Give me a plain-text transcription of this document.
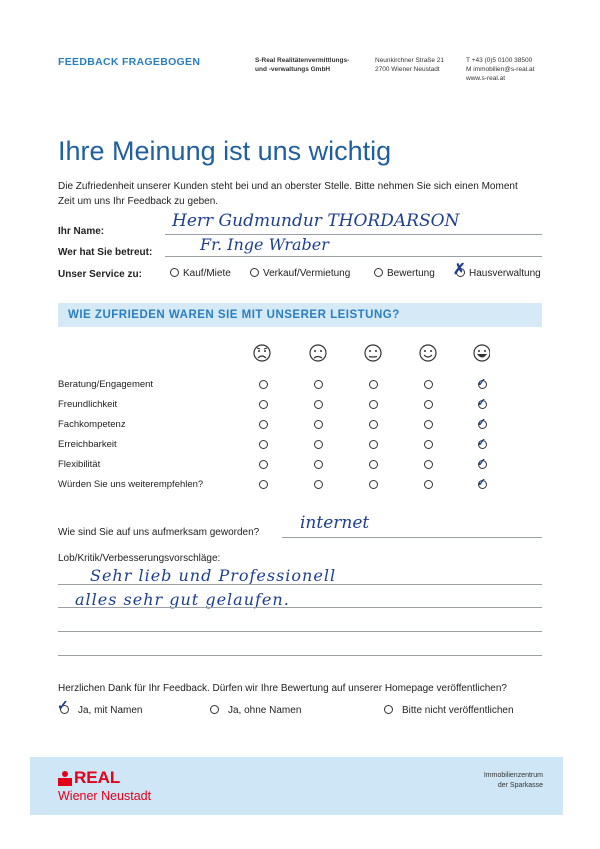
FEEDBACK FRAGEBOGEN	S-Real Realitätenvermittlungs-
und -verwaltungs GmbH
Neunkirchner Straße 21
2700 Wiener Neustadt
T +43 (0)5 0100 38500
M immobilien@s-real.at
www.s-real.at
Ihre Meinung ist uns wichtig
Die Zufriedenheit unserer Kunden steht bei und an oberster Stelle. Bitte nehmen Sie sich einen Moment
Zeit um uns Ihr Feedback zu geben.
Ihr Name:
Herr Gudmundur THORDARSON
Wer hat Sie betreut:	Fr. Inge Wraber
Unser Service zu:	Kauf/Miete	Verkauf/Vermietung	Bewertung ✗ Hausverwaltung
WIE ZUFRIEDEN WAREN SIE MIT UNSERER LEISTUNG?
Beratung/Engagement	✓
Freundlichkeit	✓
Fachkompetenz	✓
Erreichbarkeit	✓
Flexibilität	✓
Würden Sie uns weiterempfehlen?	✓
Wie sind Sie auf uns aufmerksam geworden? internet
Lob/Kritik/Verbesserungsvorschläge:
Sehr lieb und Professionell
alles sehr gut gelaufen.
Herzlichen Dank für Ihr Feedback. Dürfen wir Ihre Bewertung auf unserer Homepage veröffentlichen?
✓ Ja, mit Namen	Ja, ohne Namen	Bitte nicht veröffentlichen
REAL
Wiener Neustadt
Immobilienzentrum
der Sparkasse
